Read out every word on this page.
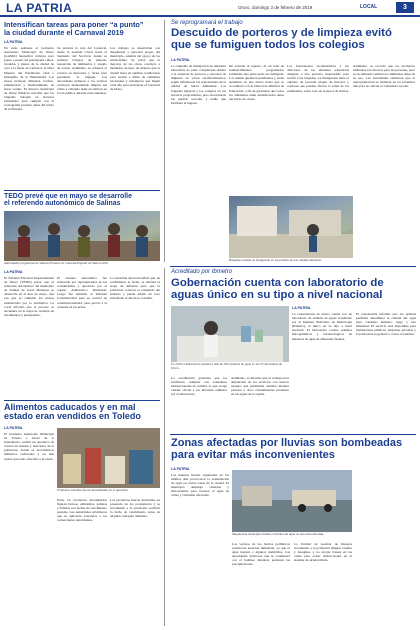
LA PATRIA	Oruro, domingo 3 de febrero de 2019	LOCAL	3
Intensifican tareas para poner “a punto”
la ciudad durante el Carnaval 2019
LA PATRIA
En estas semanas el Gobierno Autónomo Municipal de Oruro (GAMO) intensifica trabajos para poner a punto las principales calles, avenidas y plazas de la ciudad de cara a la fiesta de Carnaval, la Obra Maestra del Patrimonio Oral e Intangible de la Humanidad. Las tareas incluyen limpieza, bacheo, señalización y mantenimiento de áreas verdes. El director municipal de Obras Públicas informó que las brigadas trabajan en horarios extendidos para cumplir con el cronograma previsto antes del inicio de la Entrada.
Se prioriza la ruta del Carnaval, desde la avenida Cívica hasta el Santuario del Socavón, donde se realizan trabajos de pintado, reposición de luminarias y arreglo de aceras. Asimismo, se refuerza el control en mercados y ferias para garantizar la higiene. Las autoridades pidieron a los vecinos colaborar manteniendo limpias sus calles y evitando dejar escombros en la vía pública durante estas semanas.
Los trabajos se desarrollan con maquinaria y personal propio del municipio, además del apoyo de las subalcaldías. Se prevé que la mayoría de las obras concluya a mediados de mes, de manera que la ciudad luzca en óptimas condiciones para recibir a miles de visitantes nacionales y extranjeros que llegan cada año para presenciar el Carnaval de Oruro.
Se reprogramará el trabajo
Descuido de porteros y de limpieza evitó
que se fumiguen todos los colegios
LA PATRIA
La campaña de fumigación de unidades educativas no pudo completarse debido a la ausencia de porteros y personal de limpieza en varios establecimientos, según informaron los responsables de la unidad de Salud Ambiental. Las brigadas llegaron a los colegios en los horarios programados, pero encontraron las puertas cerradas y nadie que facilitara el ingreso.
De acuerdo al reporte, de un total de establecimientos programados solamente una parte pudo ser fumigada. Los demás quedaron pendientes y serán atendidos en una nueva fecha que se coordinará con la Dirección Distrital de Educación, a fin de garantizar que todos los ambientes estén desinfectados antes del inicio de clases.
Los funcionarios recomendaron a los directores de las unidades educativas designar a una persona responsable para recibir a las brigadas. La fumigación tiene el objetivo de prevenir plagas de insectos y roedores que pueden afectar la salud de los estudiantes, sobre todo en la época de lluvias.
Asimismo, se recordó que los productos utilizados son inocuos para las personas, pero se recomienda ventilar los ambientes antes de su uso. Las autoridades señalaron que la reprogramación se realizará en los próximos días para no afectar el calendario escolar.
Brigadas realizan la fumigación en los predios de una unidad educativa.
TEDO prevé que en mayo se desarrolle
el referendo autonómico de Salinas
Autoridades originarias de Salinas firmaron la Consulta Popular de Marzo 2019.
LA PATRIA
El Tribunal Electoral Departamental de Oruro (TEDO) prevé que el referendo autonómico del municipio de Salinas de Garci Mendoza se desarrolle en el mes de mayo, una vez que se cumplan los plazos establecidos por la normativa. La vocal informó que el proceso se encuentra en la etapa de revisión de documentos y presupuesto.
El estatuto autonómico fue elaborado por representantes de las comunidades y aprobado por el órgano deliberativo municipal. Luego fue remitido al Tribunal Constitucional para su control de constitucionalidad, paso previo a la consulta en las urnas.
La autoridad electoral señaló que, de confirmarse la fecha, se iniciará la etapa de difusión para que la población conozca el contenido del estatuto y pueda emitir un voto informado el día de la consulta.
Acreditado por Ibmetro
Gobernación cuenta con laboratorio de
aguas único en su tipo a nivel nacional
En 2018 el laboratorio atendió a más de 200 usuarios de agua en los 35 municipios de Oruro.
LA PATRIA
La Gobernación de Oruro cuenta con un laboratorio de análisis de aguas acreditado por el Instituto Boliviano de Metrología (Ibmetro), el único en su tipo a nivel nacional. El laboratorio realiza estudios fisicoquímicos y bacteriológicos de muestras de agua de diferentes fuentes.
El responsable informó que los análisis permiten determinar la calidad del agua para consumo humano, riego y uso industrial. El servicio está disponible para instituciones públicas, empresas privadas y la población en general a costos accesibles.
La acreditación garantiza que los resultados cumplen con estándares internacionales de calidad, lo que otorga validez oficial a los informes emitidos por el laboratorio.
Asimismo, se informó que se trabaja en la ampliación de los servicios con nuevos equipos que permitirán analizar metales pesados y otros contaminantes presentes en las aguas de la región.
Alimentos caducados y en mal
estado eran vendidos en Toledo
LA PATRIA
El Gobierno Autónomo Municipal de Toledo, a través de la Intendencia, realizó un operativo de control en tiendas y mercados de la población, donde se decomisaron alimentos caducados y en mal estado que eran ofrecidos a la venta.
Productos vencidos fueron decomisados en el operativo.
Entre los productos decomisados figuran lácteos, embutidos, galletas y bebidas con fechas de vencimiento pasadas. Las autoridades advirtieron que se aplicarán sanciones a los comerciantes reincidentes.
Los productos fueron destruidos en presencia de los propietarios y se recomendó a la población verificar la fecha de vencimiento antes de adquirir cualquier alimento.
Zonas afectadas por lluvias son bombeadas
para evitar más inconvenientes
LA PATRIA
Las intensas lluvias registradas en los últimos días provocaron la acumulación de agua en varias zonas de la ciudad. El municipio desplegó cisternas y motobombas para evacuar el agua de calles y viviendas afectadas.
Maquinaria municipal realiza el bombeo de agua en una zona afectada.
Los vecinos de los barrios periféricos solicitaron atención inmediata, ya que el agua ingresó a algunos domicilios. Las autoridades indicaron que se continuará con el bombeo mientras persistan las precipitaciones.
La Unidad de Gestión de Riesgos recomendó a la población limpiar canales y desagües, y no arrojar basura en las calles para evitar obstrucciones en el sistema de alcantarillado.
